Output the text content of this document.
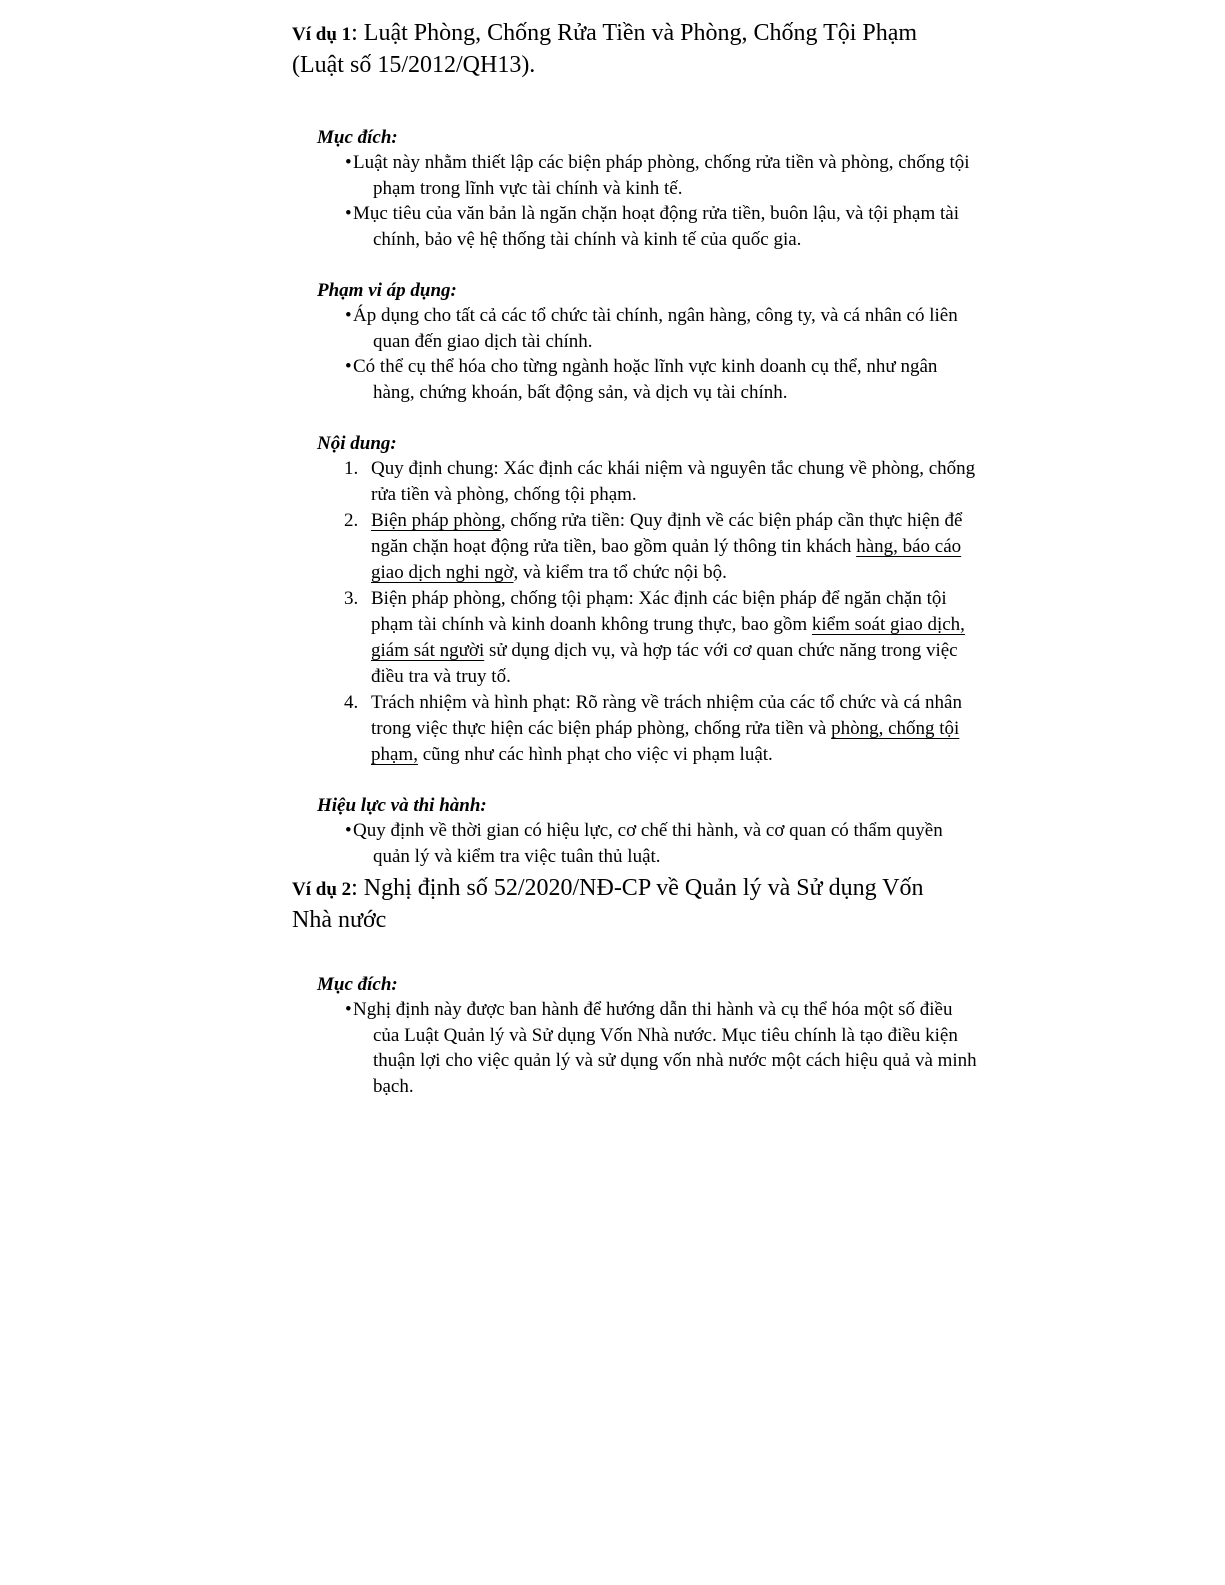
Ví dụ 1: Luật Phòng, Chống Rửa Tiền và Phòng, Chống Tội Phạm
(Luật số 15/2012/QH13).

Mục đích:

• Luật này nhằm thiết lập các biện pháp phòng, chống rửa tiền và phòng, chống tội phạm trong lĩnh vực tài chính và kinh tế.
• Mục tiêu của văn bản là ngăn chặn hoạt động rửa tiền, buôn lậu, và tội phạm tài chính, bảo vệ hệ thống tài chính và kinh tế của quốc gia.

Phạm vi áp dụng:

• Áp dụng cho tất cả các tổ chức tài chính, ngân hàng, công ty, và cá nhân có liên quan đến giao dịch tài chính.
• Có thể cụ thể hóa cho từng ngành hoặc lĩnh vực kinh doanh cụ thể, như ngân hàng, chứng khoán, bất động sản, và dịch vụ tài chính.

Nội dung:

1. Quy định chung: Xác định các khái niệm và nguyên tắc chung về phòng, chống rửa tiền và phòng, chống tội phạm.
2. Biện pháp phòng, chống rửa tiền: Quy định về các biện pháp cần thực hiện để ngăn chặn hoạt động rửa tiền, bao gồm quản lý thông tin khách hàng, báo cáo giao dịch nghi ngờ, và kiểm tra tổ chức nội bộ.
3. Biện pháp phòng, chống tội phạm: Xác định các biện pháp để ngăn chặn tội phạm tài chính và kinh doanh không trung thực, bao gồm kiểm soát giao dịch, giám sát người sử dụng dịch vụ, và hợp tác với cơ quan chức năng trong việc điều tra và truy tố.
4. Trách nhiệm và hình phạt: Rõ ràng về trách nhiệm của các tổ chức và cá nhân trong việc thực hiện các biện pháp phòng, chống rửa tiền và phòng, chống tội phạm, cũng như các hình phạt cho việc vi phạm luật.

Hiệu lực và thi hành:

• Quy định về thời gian có hiệu lực, cơ chế thi hành, và cơ quan có thẩm quyền quản lý và kiểm tra việc tuân thủ luật.

Ví dụ 2: Nghị định số 52/2020/NĐ-CP về Quản lý và Sử dụng Vốn
Nhà nước

Mục đích:

• Nghị định này được ban hành để hướng dẫn thi hành và cụ thể hóa một số điều của Luật Quản lý và Sử dụng Vốn Nhà nước. Mục tiêu chính là tạo điều kiện thuận lợi cho việc quản lý và sử dụng vốn nhà nước một cách hiệu quả và minh bạch.
